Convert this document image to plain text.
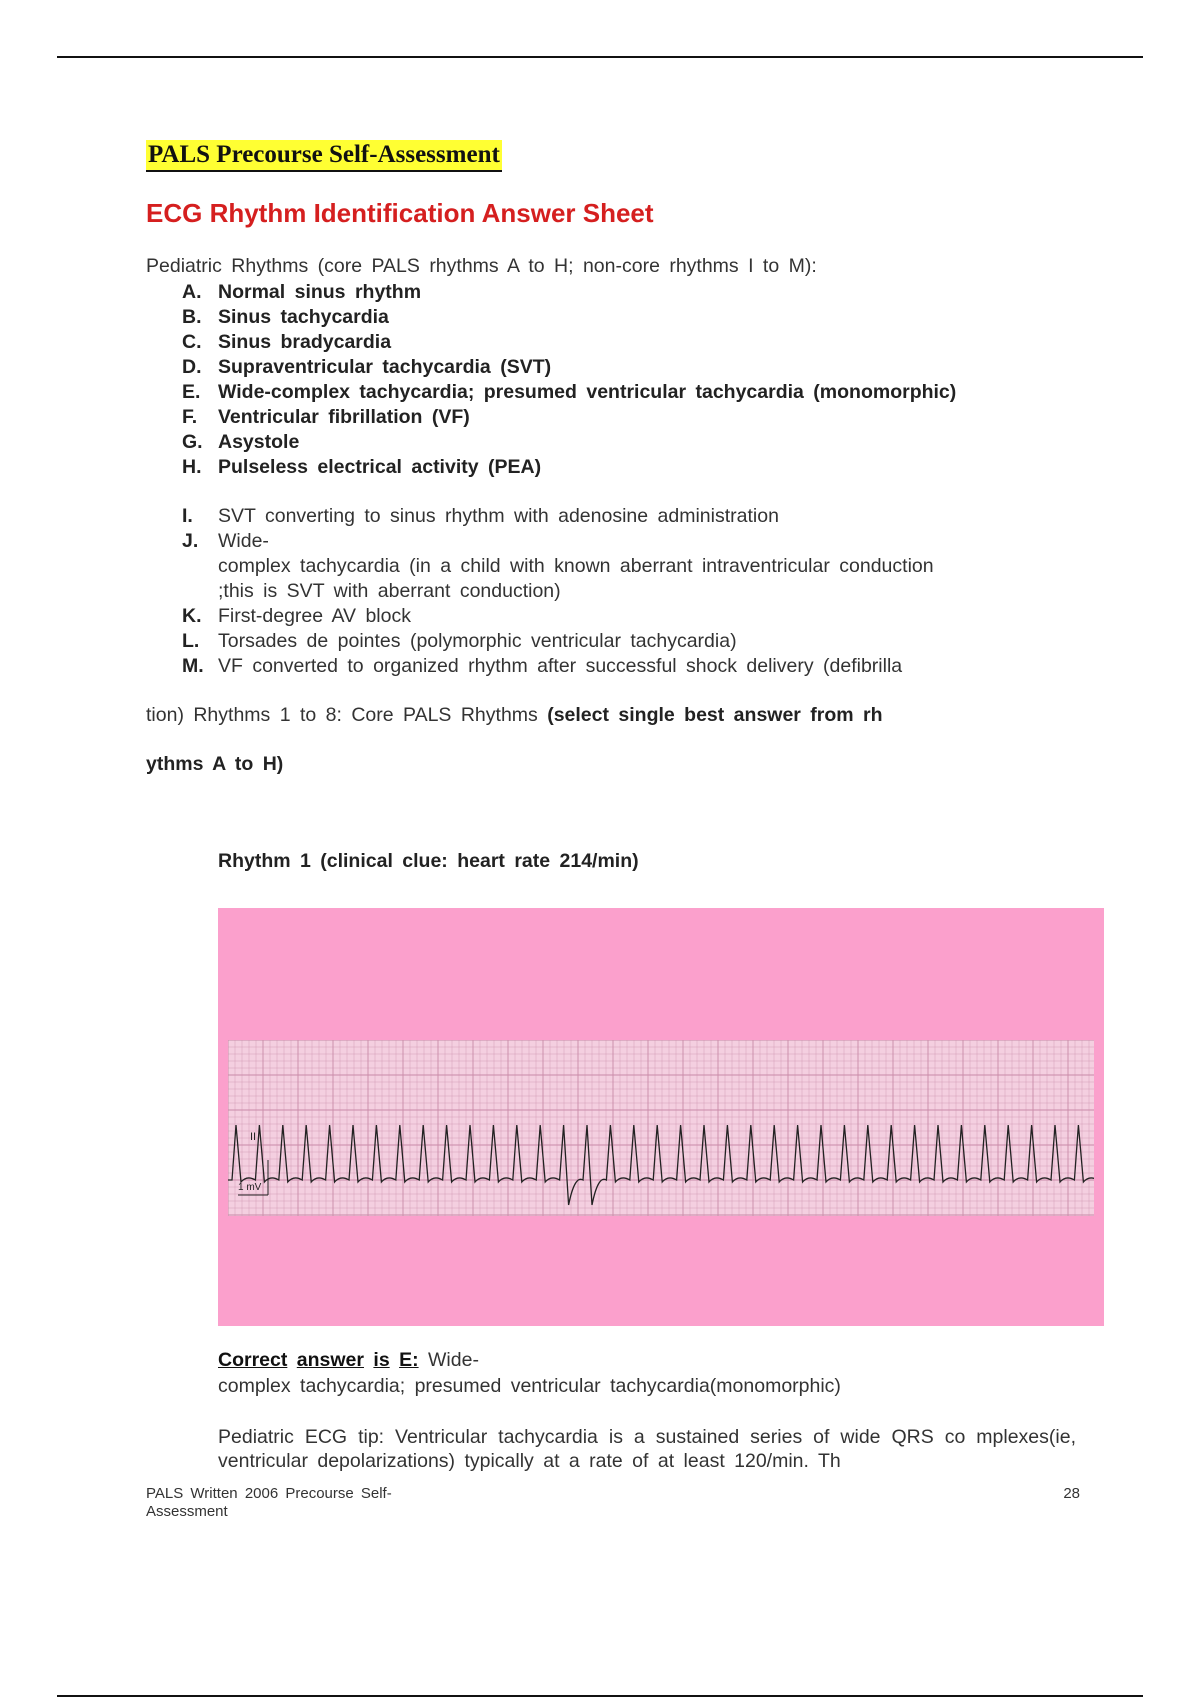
PALS Precourse Self-Assessment
ECG Rhythm Identification Answer Sheet
Pediatric Rhythms (core PALS rhythms A to H; non-core rhythms I to M):
A. Normal sinus rhythm
B. Sinus tachycardia
C. Sinus bradycardia
D. Supraventricular tachycardia (SVT)
E. Wide-complex tachycardia; presumed ventricular tachycardia (monomorphic)
F.	Ventricular fibrillation (VF)
G. Asystole
H. Pulseless electrical activity (PEA)
I.	SVT converting to sinus rhythm with adenosine administration
J.	Wide-
complex tachycardia (in a child with known aberrant intraventricular conduction
;this is SVT with aberrant conduction)
K. First-degree AV block
L. Torsades de pointes (polymorphic ventricular tachycardia)
M. VF converted to organized rhythm after successful shock delivery (defibrilla
tion) Rhythms 1 to 8: Core PALS Rhythms (select single best answer from rh
ythms A to H)
Rhythm 1 (clinical clue: heart rate 214/min)
II
1 mV
Correct answer is E: Wide-
complex tachycardia; presumed ventricular tachycardia(monomorphic)
Pediatric ECG tip: Ventricular tachycardia is a sustained series of wide QRS co mplexes(ie, ventricular depolarizations) typically at a rate of at least 120/min. Th
PALS Written 2006 Precourse Self-
Assessment
28
